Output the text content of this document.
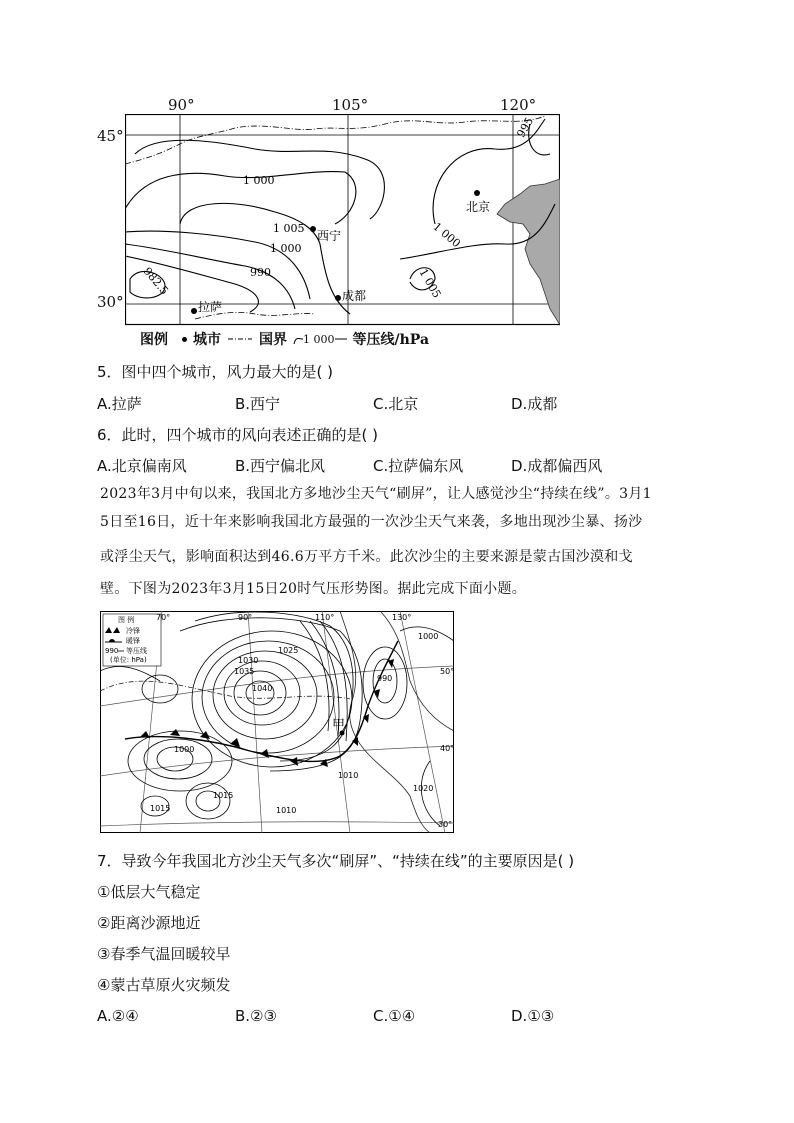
90°	105°	120°
45°
30°
995
1 000
1 005
1 000
990
982.5
1 000
1 005
北京
西宁
成都
拉萨
图例 城市	国界 1 000 等压线/hPa
5．图中四个城市，风力最大的是( )
A.拉萨	B.西宁	C.北京	D.成都
6．此时，四个城市的风向表述正确的是( )
A.北京偏南风	B.西宁偏北风	C.拉萨偏东风	D.成都偏西风
2023年3月中旬以来，我国北方多地沙尘天气“刷屏”，让人感觉沙尘“持续在线”。3月1
5日至16日，近十年来影响我国北方最强的一次沙尘天气来袭，多地出现沙尘暴、扬沙
或浮尘天气，影响面积达到46.6万平方千米。此次沙尘的主要来源是蒙古国沙漠和戈
壁。下图为2023年3月15日20时气压形势图。据此完成下面小题。
甲
图 例
冷锋
暖锋
990 等压线
(单位: hPa)
70°	90°	110°	130°
50°
40°
30°
1025
1030
1035
1040
1000
990
1000
1015
1015
1010
1010
1020
7．导致今年我国北方沙尘天气多次“刷屏”、“持续在线”的主要原因是( )
①低层大气稳定
②距离沙源地近
③春季气温回暖较早
④蒙古草原火灾频发
A.②④	B.②③	C.①④	D.①③
